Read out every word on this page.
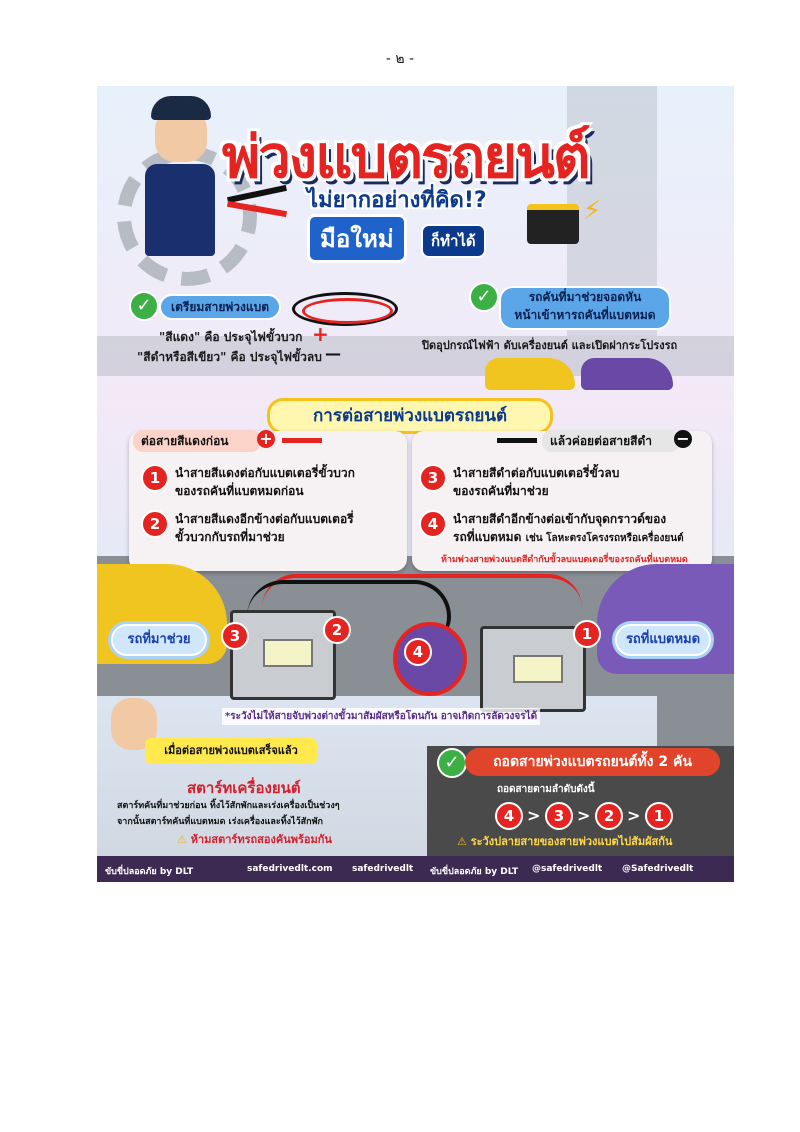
- ๒ -
พ่วงแบตรถยนต์
ไม่ยากอย่างที่คิด!?
มือใหม่	ก็ทำได้
⚡
✓	เตรียมสายพ่วงแบต
"สีแดง" คือ ประจุไฟขั้วบวก +
"สีดำหรือสีเขียว" คือ ประจุไฟขั้วลบ —
✓	รถคันที่มาช่วยจอดหัน
หน้าเข้าหารถคันที่แบตหมด
ปิดอุปกรณ์ไฟฟ้า ดับเครื่องยนต์ และเปิดฝากระโปรงรถ
การต่อสายพ่วงแบตรถยนต์
ต่อสายสีแดงก่อน	+
1	นำสายสีแดงต่อกับแบตเตอรี่ขั้วบวก
ของรถคันที่แบตหมดก่อน
2	นำสายสีแดงอีกข้างต่อกับแบตเตอรี่
ขั้วบวกกับรถที่มาช่วย
แล้วค่อยต่อสายสีดำ	−
3	นำสายสีดำต่อกับแบตเตอรี่ขั้วลบ
ของรถคันที่มาช่วย
4	นำสายสีดำอีกข้างต่อเข้ากับจุดกราวด์ของ
รถที่แบตหมด เช่น โลหะตรงโครงรถหรือเครื่องยนต์
ห้ามพ่วงสายพ่วงแบตสีดำกับขั้วลบแบตเตอรี่ของรถคันที่แบตหมด
3	2
4
1
รถที่มาช่วย	รถที่แบตหมด
*ระวังไม่ให้สายจับพ่วงต่างขั้วมาสัมผัสหรือโดนกัน อาจเกิดการลัดวงจรได้
เมื่อต่อสายพ่วงแบตเสร็จแล้ว
สตาร์ทเครื่องยนต์
สตาร์ทคันที่มาช่วยก่อน ทิ้งไว้สักพักและเร่งเครื่องเป็นช่วงๆ
จากนั้นสตาร์ทคันที่แบตหมด เร่งเครื่องและทิ้งไว้สักพัก
⚠ ห้ามสตาร์ทรถสองคันพร้อมกัน
✓	ถอดสายพ่วงแบตรถยนต์ทั้ง 2 คัน
ถอดสายตามลำดับดังนี้
4 > 3 > 2 > 1
⚠ ระวังปลายสายของสายพ่วงแบตไปสัมผัสกัน
ขับขี่ปลอดภัย by DLT	safedrivedlt.com safedrivedlt ขับขี่ปลอดภัย by DLT @safedrivedlt @Safedrivedlt
